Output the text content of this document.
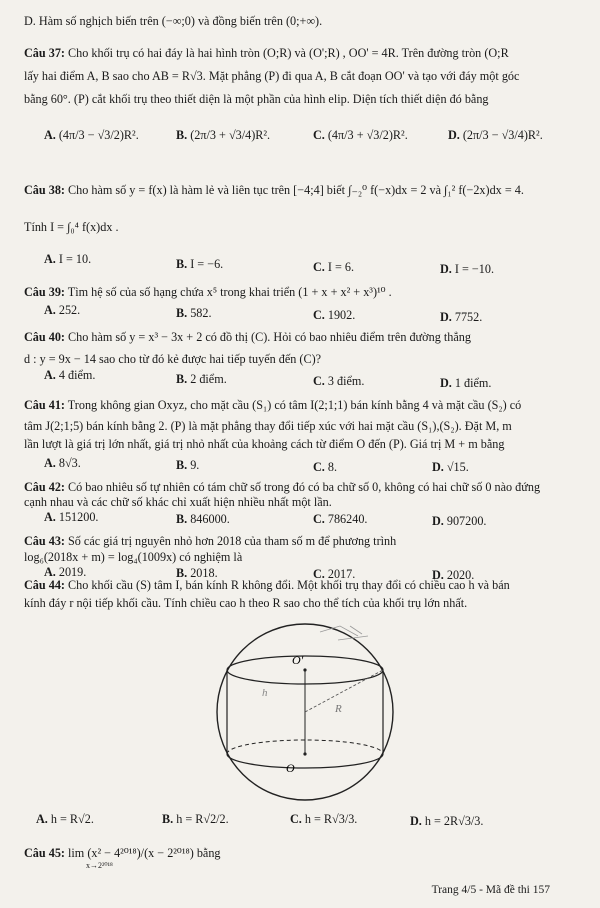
D. Hàm số nghịch biến trên (−∞;0) và đồng biến trên (0;+∞).
Câu 37: Cho khối trụ có hai đáy là hai hình tròn (O;R) và (O';R) , OO' = 4R. Trên đường tròn (O;R
lấy hai điểm A, B sao cho AB = R√3. Mặt phẳng (P) đi qua A, B cắt đoạn OO' và tạo với đáy một góc
bằng 60°. (P) cắt khối trụ theo thiết diện là một phần của hình elip. Diện tích thiết diện đó bằng
A. (4π/3 − √3/2)R².	B. (2π/3 + √3/4)R².	C. (4π/3 + √3/2)R².	D. (2π/3 − √3/4)R².
Câu 38: Cho hàm số y = f(x) là hàm lẻ và liên tục trên [−4;4] biết ∫₋₂⁰ f(−x)dx = 2 và ∫₁² f(−2x)dx = 4.
Tính I = ∫₀⁴ f(x)dx .
A. I = 10.	B. I = −6.	C. I = 6.	D. I = −10.
Câu 39: Tìm hệ số của số hạng chứa x⁵ trong khai triển (1 + x + x² + x³)¹⁰ .
A. 252.	B. 582.	C. 1902.	D. 7752.
Câu 40: Cho hàm số y = x³ − 3x + 2 có đồ thị (C). Hỏi có bao nhiêu điểm trên đường thẳng
d : y = 9x − 14 sao cho từ đó kẻ được hai tiếp tuyến đến (C)?
A. 4 điểm.	B. 2 điểm.	C. 3 điểm.	D. 1 điểm.
Câu 41: Trong không gian Oxyz, cho mặt cầu (S₁) có tâm I(2;1;1) bán kính bằng 4 và mặt cầu (S₂) có
tâm J(2;1;5) bán kính bằng 2. (P) là mặt phẳng thay đổi tiếp xúc với hai mặt cầu (S₁),(S₂). Đặt M, m
lần lượt là giá trị lớn nhất, giá trị nhỏ nhất của khoảng cách từ điểm O đến (P). Giá trị M + m bằng
A. 8√3.	B. 9.	C. 8.	D. √15.
Câu 42: Có bao nhiêu số tự nhiên có tám chữ số trong đó có ba chữ số 0, không có hai chữ số 0 nào đứng
cạnh nhau và các chữ số khác chỉ xuất hiện nhiều nhất một lần.
A. 151200.	B. 846000.	C. 786240.	D. 907200.
Câu 43: Số các giá trị nguyên nhỏ hơn 2018 của tham số m để phương trình
log₆(2018x + m) = log₄(1009x) có nghiệm là
A. 2019.	B. 2018.	C. 2017.	D. 2020.
Câu 44: Cho khối cầu (S) tâm I, bán kính R không đổi. Một khối trụ thay đổi có chiều cao h và bán
kính đáy r nội tiếp khối cầu. Tính chiều cao h theo R sao cho thể tích của khối trụ lớn nhất.
O'
O
R
h
A. h = R√2.	B. h = R√2/2.	C. h = R√3/3.	D. h = 2R√3/3.
Câu 45: lim (x² − 4²⁰¹⁸)/(x − 2²⁰¹⁸) bằng
x→2²⁰¹⁸
Trang 4/5 - Mã đề thi 157
